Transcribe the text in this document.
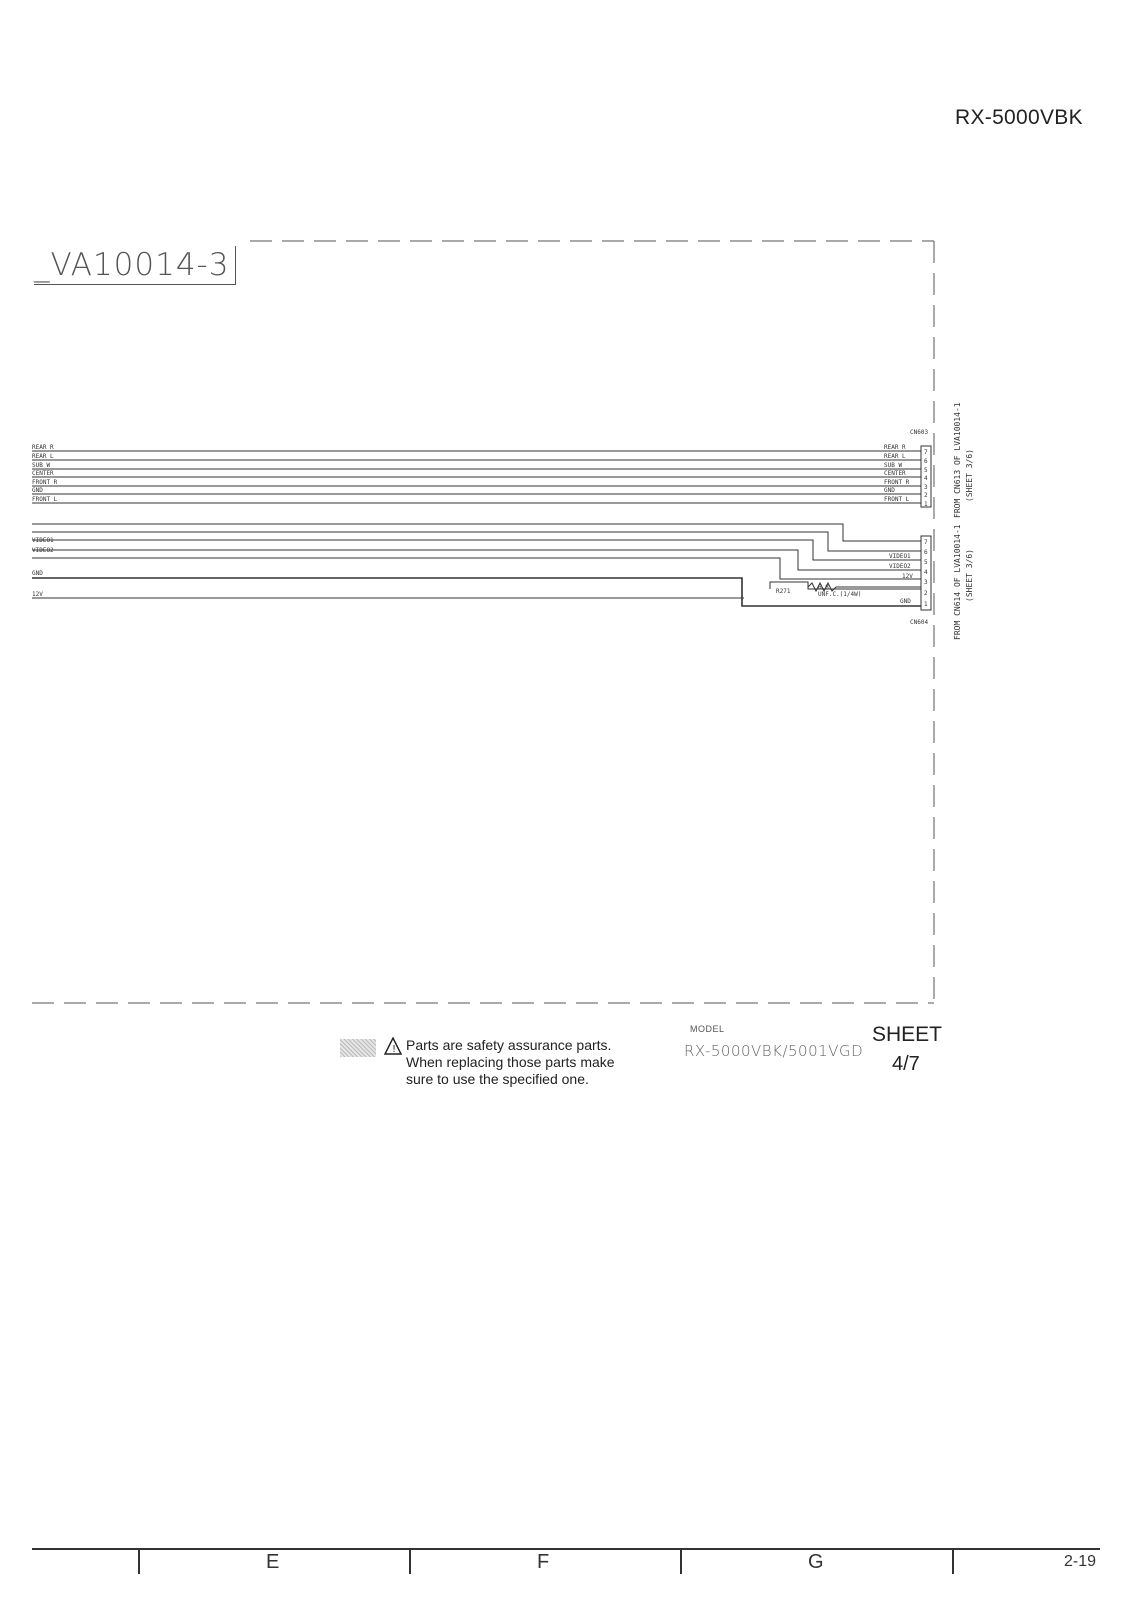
RX-5000VBK
_VA10014-3
R271
6.8
UNF.C.(1/4W)
REAR R
REAR L
SUB W
CENTER
FRONT R
GND
FRONT L
VIDEO1
VIDEO2
GND
12V
CN603
7
6
5
4
3
2
1
REAR R
REAR L
SUB W
CENTER
FRONT R
GND
FRONT L	FROM CN613 OF LVA10014-1 (SHEET 3/6)
7
6
5
4
3
2
1
VIDEO1
VIDEO2
12V
GND
CN604	FROM CN614 OF LVA10014-1 (SHEET 3/6)
! Parts are safety assurance parts.
When replacing those parts make
sure to use the specified one.
MODEL
RX-5000VBK/5001VGD
SHEET
4/7
E	F	G	2-19
